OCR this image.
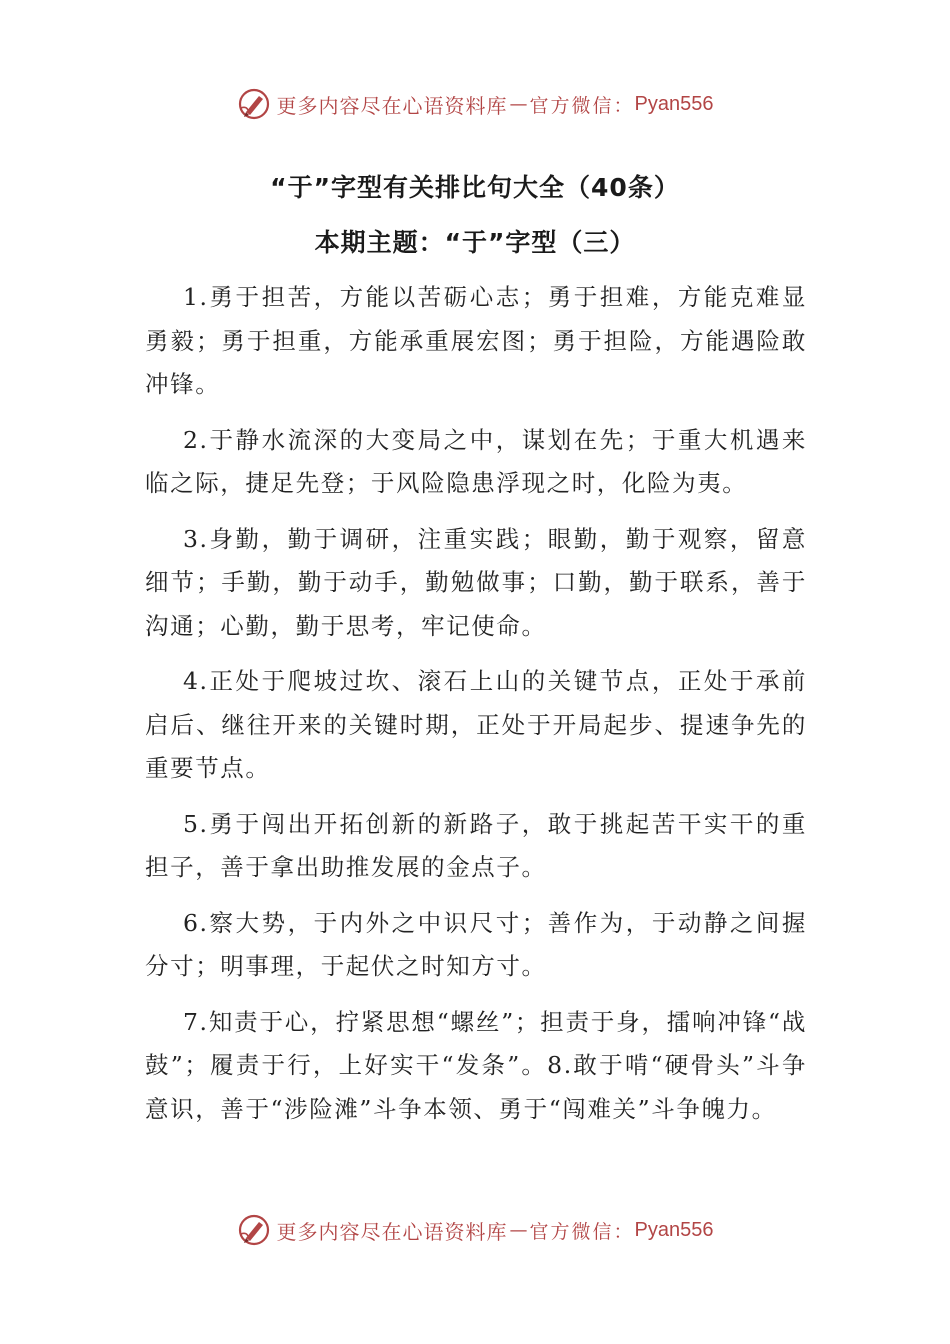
更多内容尽在心语资料库 — 官方微信： Pyan556
“于”字型有关排比句大全（40条）
本期主题：“于”字型（三）

1.勇于担苦，方能以苦砺心志；勇于担难，方能克难显勇毅；勇于担重，方能承重展宏图；勇于担险，方能遇险敢冲锋。

2.于静水流深的大变局之中，谋划在先；于重大机遇来临之际，捷足先登；于风险隐患浮现之时，化险为夷。

3.身勤，勤于调研，注重实践；眼勤，勤于观察，留意细节；手勤，勤于动手，勤勉做事；口勤，勤于联系，善于沟通；心勤，勤于思考，牢记使命。

4.正处于爬坡过坎、滚石上山的关键节点，正处于承前启后、继往开来的关键时期，正处于开局起步、提速争先的重要节点。

5.勇于闯出开拓创新的新路子，敢于挑起苦干实干的重担子，善于拿出助推发展的金点子。

6.察大势，于内外之中识尺寸；善作为，于动静之间握分寸；明事理，于起伏之时知方寸。

7.知责于心，拧紧思想“螺丝”；担责于身，擂响冲锋“战鼓”；履责于行，上好实干“发条”。8.敢于啃“硬骨头”斗争意识，善于“涉险滩”斗争本领、勇于“闯难关”斗争魄力。

更多内容尽在心语资料库 — 官方微信： Pyan556
